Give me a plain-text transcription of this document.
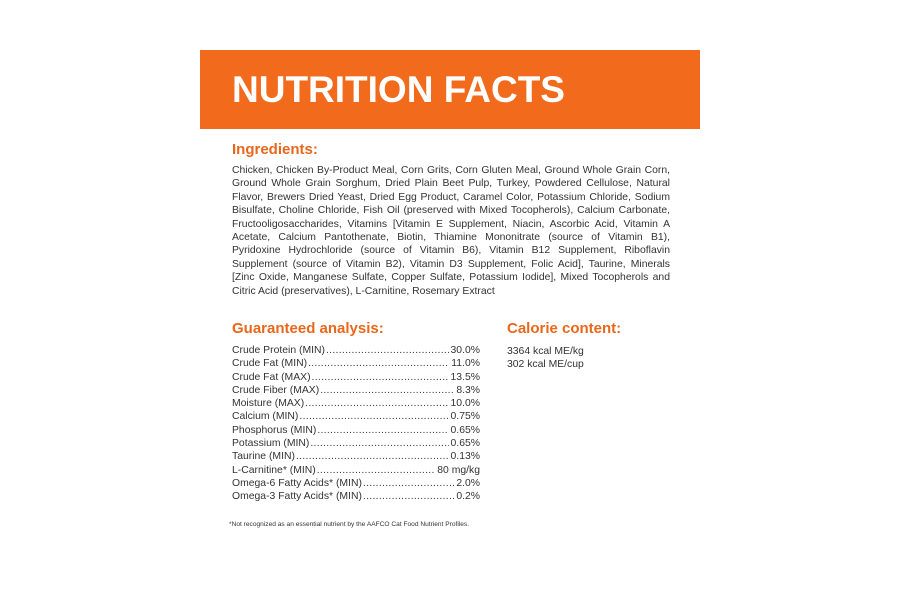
NUTRITION FACTS
Ingredients:

Chicken, Chicken By-Product Meal, Corn Grits, Corn Gluten Meal, Ground Whole Grain Corn, Ground Whole Grain Sorghum, Dried Plain Beet Pulp, Turkey, Powdered Cellulose, Natural Flavor, Brewers Dried Yeast, Dried Egg Product, Caramel Color, Potassium Chloride, Sodium Bisulfate, Choline Chloride, Fish Oil (preserved with Mixed Tocopherols), Calcium Carbonate, Fructooligosaccharides, Vitamins [Vitamin E Supplement, Niacin, Ascorbic Acid, Vitamin A Acetate, Calcium Pantothenate, Biotin, Thiamine Mononitrate (source of Vitamin B1), Pyridoxine Hydrochloride (source of Vitamin B6), Vitamin B12 Supplement, Riboflavin Supplement (source of Vitamin B2), Vitamin D3 Supplement, Folic Acid], Taurine, Minerals [Zinc Oxide, Manganese Sulfate, Copper Sulfate, Potassium Iodide], Mixed Tocopherols and Citric Acid (preservatives), L-Carnitine, Rosemary Extract

Guaranteed analysis:
Crude Protein (MIN) .....	30.0%
Crude Fat (MIN) .....	11.0%
Crude Fat (MAX) .....	13.5%
Crude Fiber (MAX) .....	8.3%
Moisture (MAX) .....	10.0%
Calcium (MIN) .....	0.75%
Phosphorus (MIN) .....	0.65%
Potassium (MIN) .....	0.65%
Taurine (MIN) .....	0.13%
L-Carnitine* (MIN) .....	80 mg/kg
Omega-6 Fatty Acids* (MIN) .....	2.0%
Omega-3 Fatty Acids* (MIN) .....	0.2%
Calorie content:
3364 kcal ME/kg
302 kcal ME/cup

*Not recognized as an essential nutrient by the AAFCO Cat Food Nutrient Profiles.
